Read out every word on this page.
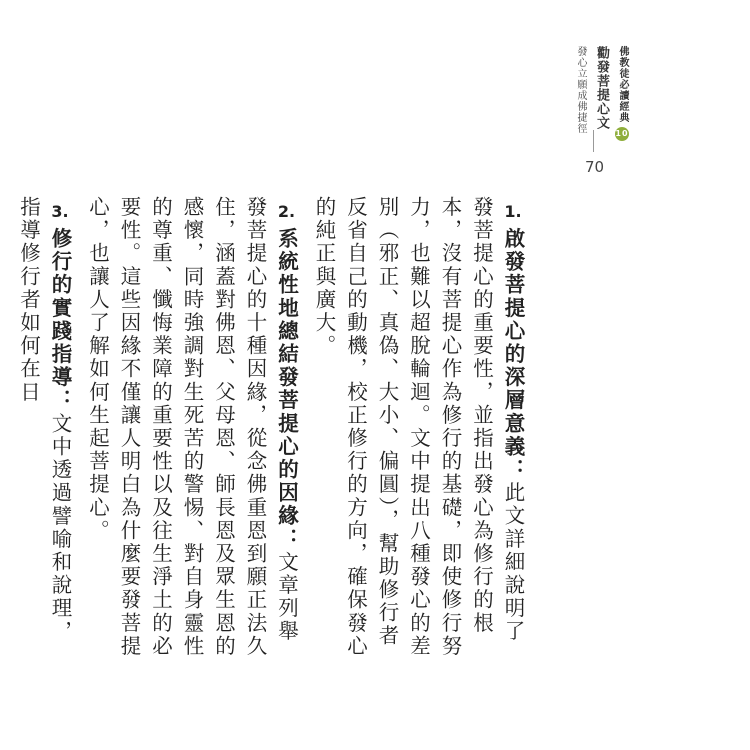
佛教徒必讀經典10
勸發菩提心文
發心立願成佛捷徑
70

1.啟發菩提心的深層意義：此文詳細說明了發菩提心的重要性，並指出發心為修行的根本，沒有菩提心作為修行的基礎，即使修行努力，也難以超脫輪迴。文中提出八種發心的差別（邪正、真偽、大小、偏圓），幫助修行者反省自己的動機，校正修行的方向，確保發心的純正與廣大。

2.系統性地總結發菩提心的因緣：文章列舉發菩提心的十種因緣，從念佛重恩到願正法久住，涵蓋對佛恩、父母恩、師長恩及眾生恩的感懷，同時強調對生死苦的警惕、對自身靈性的尊重、懺悔業障的重要性以及往生淨土的必要性。這些因緣不僅讓人明白為什麼要發菩提心，也讓人了解如何生起菩提心。

3.修行的實踐指導：文中透過譬喻和說理，指導修行者如何在日
